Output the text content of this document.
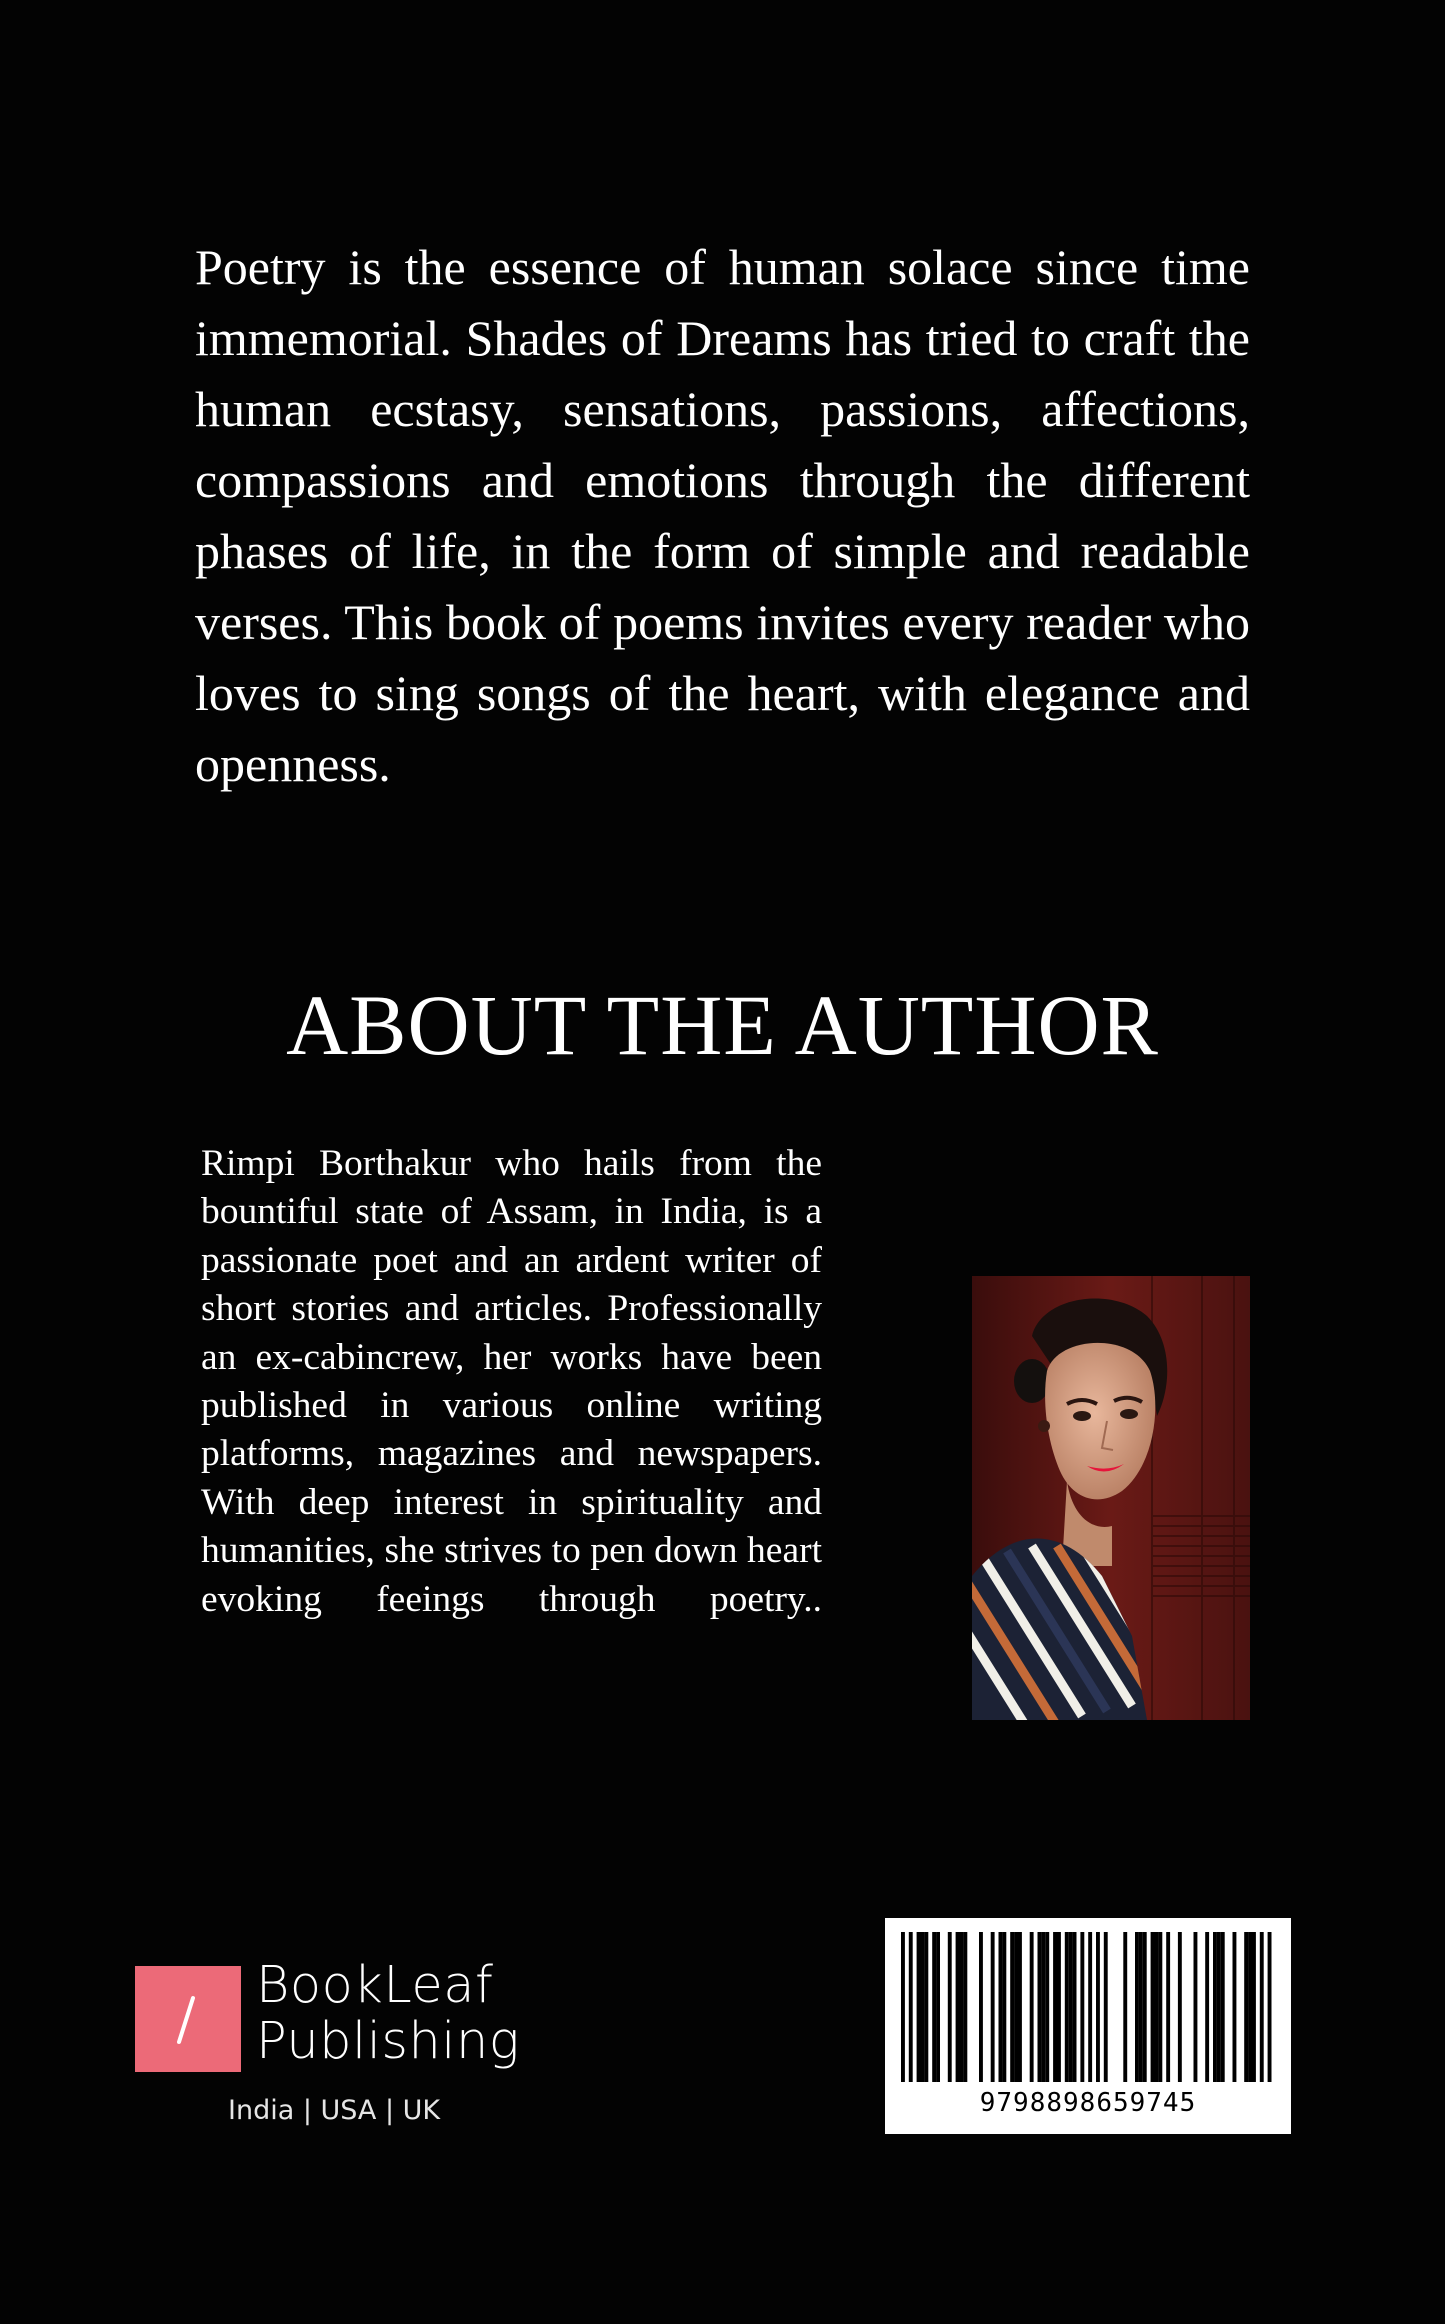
Poetry is the essence of human solace since time immemorial. Shades of Dreams has tried to craft the human ecstasy, sensations, passions, affections, compassions and emotions through the different phases of life, in the form of simple and readable verses. This book of poems invites every reader who loves to sing songs of the heart, with elegance and openness.
ABOUT THE AUTHOR
Rimpi Borthakur who hails from the bountiful state of Assam, in India, is a passionate poet and an ardent writer of short stories and articles. Professionally an ex-cabincrew, her works have been published in various online writing platforms, magazines and newspapers. With deep interest in spirituality and humanities, she strives to pen down heart evoking feeings through poetry..
BookLeaf
Publishing
India | USA | UK	9798898659745
